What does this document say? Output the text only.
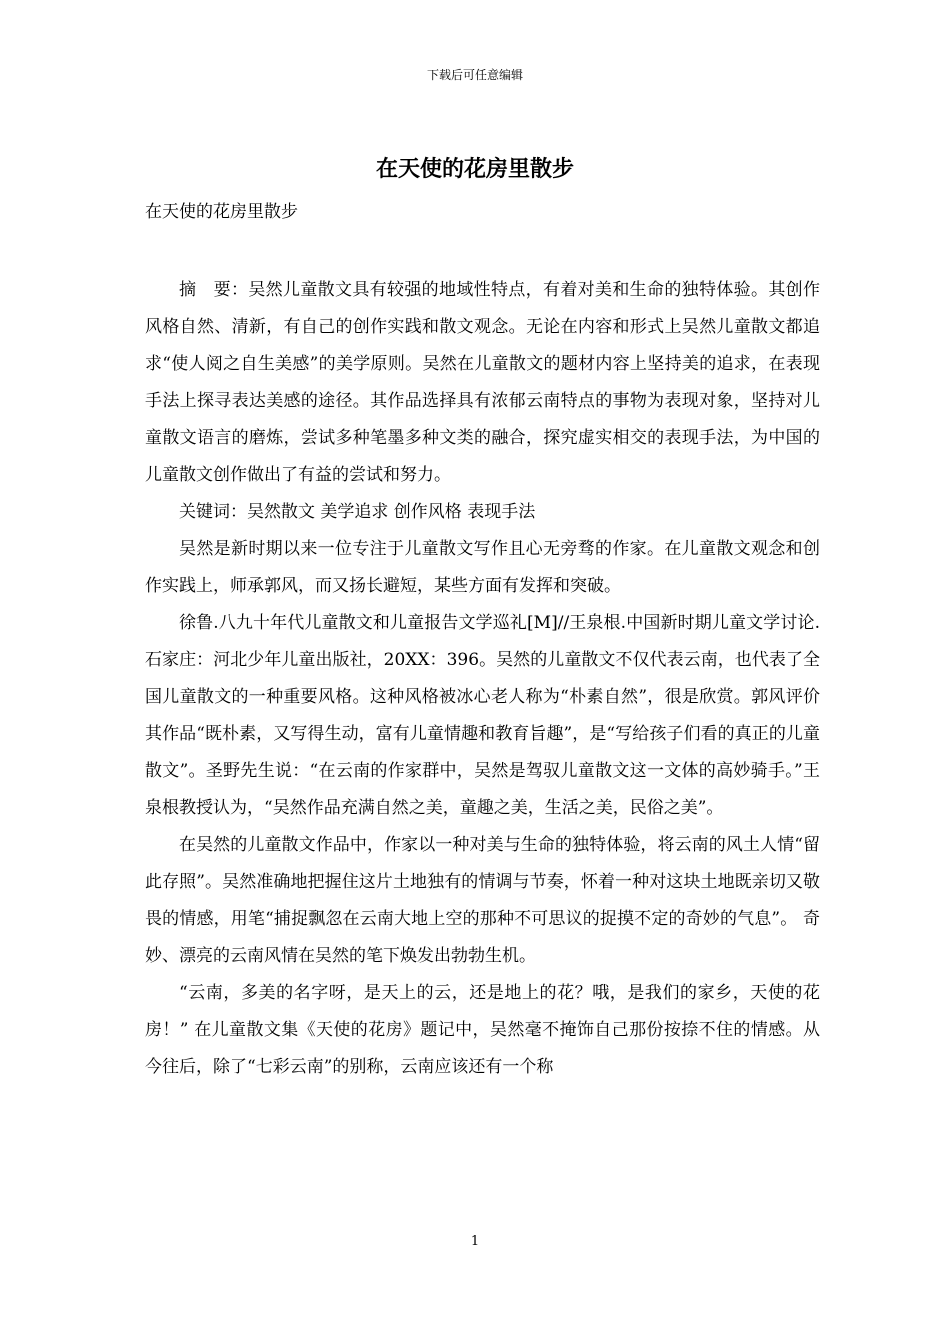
下载后可任意编辑
在天使的花房里散步
在天使的花房里散步

摘　要：吴然儿童散文具有较强的地域性特点，有着对美和生命的独特体验。其创作风格自然、清新，有自己的创作实践和散文观念。无论在内容和形式上吴然儿童散文都追求“使人阅之自生美感”的美学原则。吴然在儿童散文的题材内容上坚持美的追求，在表现手法上探寻表达美感的途径。其作品选择具有浓郁云南特点的事物为表现对象，坚持对儿童散文语言的磨炼，尝试多种笔墨多种文类的融合，探究虚实相交的表现手法，为中国的儿童散文创作做出了有益的尝试和努力。

关键词：吴然散文 美学追求 创作风格 表现手法

吴然是新时期以来一位专注于儿童散文写作且心无旁骛的作家。在儿童散文观念和创作实践上，师承郭风，而又扬长避短，某些方面有发挥和突破。

徐鲁.八九十年代儿童散文和儿童报告文学巡礼[M]//王泉根.中国新时期儿童文学讨论.石家庄：河北少年儿童出版社，20XX：396。吴然的儿童散文不仅代表云南，也代表了全国儿童散文的一种重要风格。这种风格被冰心老人称为“朴素自然”，很是欣赏。郭风评价其作品“既朴素，又写得生动，富有儿童情趣和教育旨趣”，是“写给孩子们看的真正的儿童散文”。圣野先生说：“在云南的作家群中，吴然是驾驭儿童散文这一文体的高妙骑手。”王泉根教授认为，“吴然作品充满自然之美，童趣之美，生活之美，民俗之美”。

在吴然的儿童散文作品中，作家以一种对美与生命的独特体验，将云南的风土人情“留此存照”。吴然准确地把握住这片土地独有的情调与节奏，怀着一种对这块土地既亲切又敬畏的情感，用笔“捕捉飘忽在云南大地上空的那种不可思议的捉摸不定的奇妙的气息”。 奇妙、漂亮的云南风情在吴然的笔下焕发出勃勃生机。

“云南，多美的名字呀，是天上的云，还是地上的花？哦，是我们的家乡，天使的花房！” 在儿童散文集《天使的花房》题记中，吴然毫不掩饰自己那份按捺不住的情感。从今往后，除了“七彩云南”的别称，云南应该还有一个称

1
